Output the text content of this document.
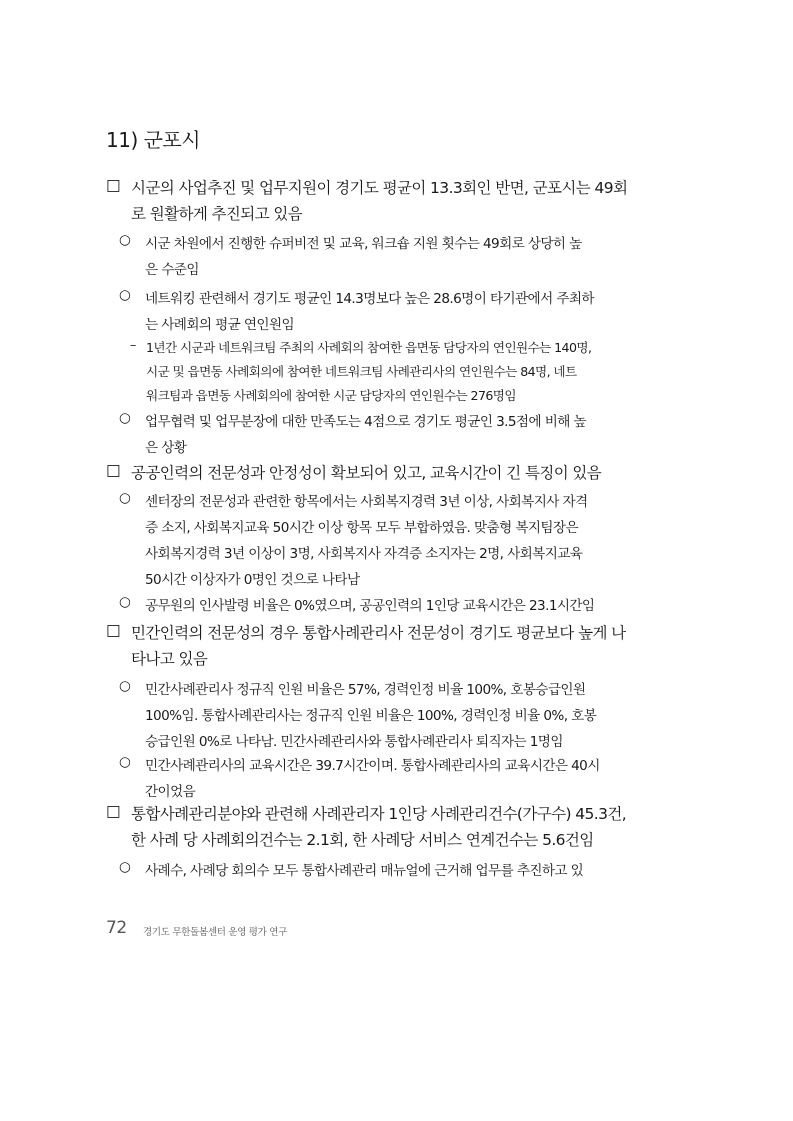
11) 군포시
□ 시군의 사업추진 및 업무지원이 경기도 평균이 13.3회인 반면, 군포시는 49회
로 원활하게 추진되고 있음
○ 시군 차원에서 진행한 슈퍼비전 및 교육, 워크숍 지원 횟수는 49회로 상당히 높
은 수준임
○ 네트워킹 관련해서 경기도 평균인 14.3명보다 높은 28.6명이 타기관에서 주최하
는 사례회의 평균 연인원임
– 1년간 시군과 네트워크팀 주최의 사례회의 참여한 읍면동 담당자의 연인원수는 140명,
시군 및 읍면동 사례회의에 참여한 네트워크팀 사례관리사의 연인원수는 84명, 네트
워크팀과 읍면동 사례회의에 참여한 시군 담당자의 연인원수는 276명임
○ 업무협력 및 업무분장에 대한 만족도는 4점으로 경기도 평균인 3.5점에 비해 높
은 상황
□ 공공인력의 전문성과 안정성이 확보되어 있고, 교육시간이 긴 특징이 있음
○ 센터장의 전문성과 관련한 항목에서는 사회복지경력 3년 이상, 사회복지사 자격
증 소지, 사회복지교육 50시간 이상 항목 모두 부합하였음. 맞춤형 복지팀장은
사회복지경력 3년 이상이 3명, 사회복지사 자격증 소지자는 2명, 사회복지교육
50시간 이상자가 0명인 것으로 나타남
○ 공무원의 인사발령 비율은 0%였으며, 공공인력의 1인당 교육시간은 23.1시간임
□ 민간인력의 전문성의 경우 통합사례관리사 전문성이 경기도 평균보다 높게 나
타나고 있음
○ 민간사례관리사 정규직 인원 비율은 57%, 경력인정 비율 100%, 호봉승급인원
100%임. 통합사례관리사는 정규직 인원 비율은 100%, 경력인정 비율 0%, 호봉
승급인원 0%로 나타남. 민간사례관리사와 통합사례관리사 퇴직자는 1명임
○ 민간사례관리사의 교육시간은 39.7시간이며. 통합사례관리사의 교육시간은 40시
간이었음
□ 통합사례관리분야와 관련해 사례관리자 1인당 사례관리건수(가구수) 45.3건,
한 사례 당 사례회의건수는 2.1회, 한 사례당 서비스 연계건수는 5.6건임
○ 사례수, 사례당 회의수 모두 통합사례관리 매뉴얼에 근거해 업무를 추진하고 있
72 경기도 무한돌봄센터 운영 평가 연구
